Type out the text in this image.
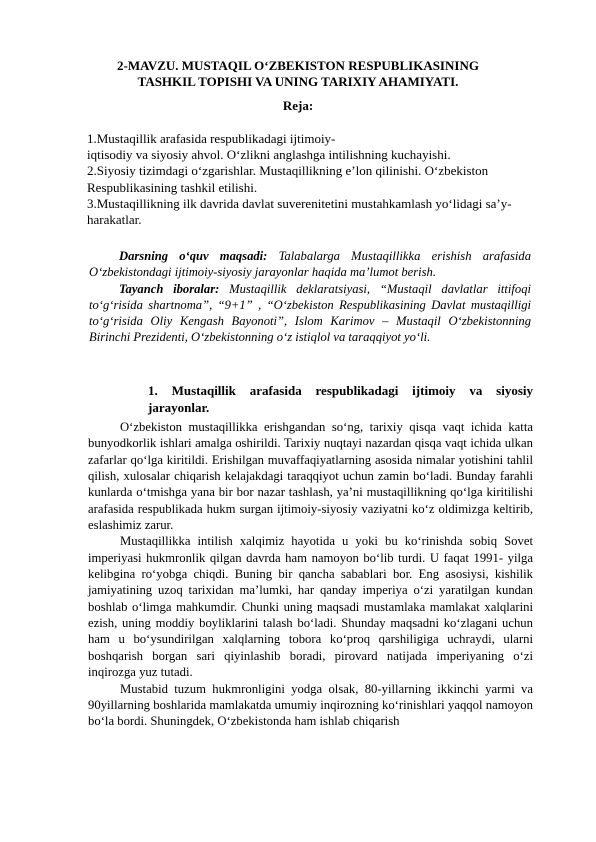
2-MAVZU. MUSTAQIL O‘ZBEKISTON RESPUBLIKASINING
TASHKIL TOPISHI VA UNING TARIXIY AHAMIYATI.
Reja:
1.Mustaqillik arafasida respublikadagi ijtimoiy-
iqtisodiy va siyosiy ahvol. O‘zlikni anglashga intilishning kuchayishi.
2.Siyosiy tizimdagi o‘zgarishlar. Mustaqillikning e’lon qilinishi. O‘zbekiston
Respublikasining tashkil etilishi.
3.Mustaqillikning ilk davrida davlat suverenitetini mustahkamlash yo‘lidagi sa’y-
harakatlar.

Darsning o‘quv maqsadi: Talabalarga Mustaqillikka erishish arafasida O‘zbekistondagi ijtimoiy-siyosiy jarayonlar haqida ma’lumot berish.

Tayanch iboralar: Mustaqillik deklaratsiyasi, “Mustaqil davlatlar ittifoqi to‘g‘risida shartnoma”, “9+1” , “O‘zbekiston Respublikasining Davlat mustaqilligi to‘g‘risida Oliy Kengash Bayonoti”, Islom Karimov – Mustaqil O‘zbekistonning Birinchi Prezidenti, O‘zbekistonning o‘z istiqlol va taraqqiyot yo‘li.

1. Mustaqillik arafasida respublikadagi ijtimoiy va siyosiy
jarayonlar.

O‘zbekiston mustaqillikka erishgandan so‘ng, tarixiy qisqa vaqt ichida katta bunyodkorlik ishlari amalga oshirildi. Tarixiy nuqtayi nazardan qisqa vaqt ichida ulkan zafarlar qo‘lga kiritildi. Erishilgan muvaffaqiyatlarning asosida nimalar yotishini tahlil qilish, xulosalar chiqarish kelajakdagi taraqqiyot uchun zamin bo‘ladi. Bunday farahli kunlarda o‘tmishga yana bir bor nazar tashlash, ya’ni mustaqillikning qo‘lga kiritilishi arafasida respublikada hukm surgan ijtimoiy-siyosiy vaziyatni ko‘z oldimizga keltirib, eslashimiz zarur.

Mustaqillikka intilish xalqimiz hayotida u yoki bu ko‘rinishda sobiq Sovet imperiyasi hukmronlik qilgan davrda ham namoyon bo‘lib turdi. U faqat 1991- yilga kelibgina ro‘yobga chiqdi. Buning bir qancha sabablari bor. Eng asosiysi, kishilik jamiyatining uzoq tarixidan ma’lumki, har qanday imperiya o‘zi yaratilgan kundan boshlab o‘limga mahkumdir. Chunki uning maqsadi mustamlaka mamlakat xalqlarini ezish, uning moddiy boyliklarini talash bo‘ladi. Shunday maqsadni ko‘zlagani uchun ham u bo‘ysundirilgan xalqlarning tobora ko‘proq qarshiligiga uchraydi, ularni boshqarish borgan sari qiyinlashib boradi, pirovard natijada imperiyaning o‘zi inqirozga yuz tutadi.

Mustabid tuzum hukmronligini yodga olsak, 80-yillarning ikkinchi yarmi va 90yillarning boshlarida mamlakatda umumiy inqirozning ko‘rinishlari yaqqol namoyon bo‘la bordi. Shuningdek, O‘zbekistonda ham ishlab chiqarish
